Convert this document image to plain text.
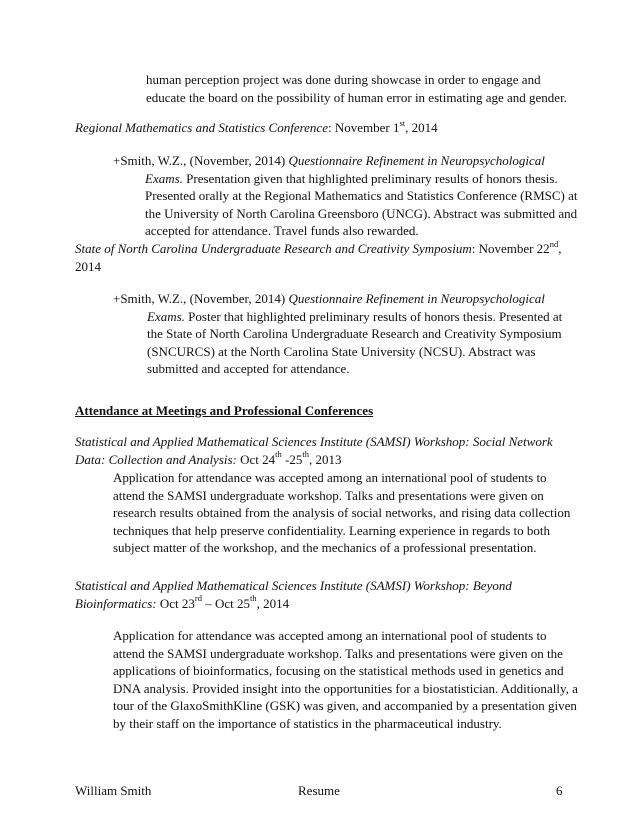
human perception project was done during showcase in order to engage and
educate the board on the possibility of human error in estimating age and gender.
Regional Mathematics and Statistics Conference: November 1st, 2014
+Smith, W.Z., (November, 2014) Questionnaire Refinement in Neuropsychological
Exams. Presentation given that highlighted preliminary results of honors thesis.
Presented orally at the Regional Mathematics and Statistics Conference (RMSC) at
the University of North Carolina Greensboro (UNCG). Abstract was submitted and
accepted for attendance. Travel funds also rewarded.
State of North Carolina Undergraduate Research and Creativity Symposium: November 22nd,
2014
+Smith, W.Z., (November, 2014) Questionnaire Refinement in Neuropsychological
Exams. Poster that highlighted preliminary results of honors thesis. Presented at
the State of North Carolina Undergraduate Research and Creativity Symposium
(SNCURCS) at the North Carolina State University (NCSU). Abstract was
submitted and accepted for attendance.
Attendance at Meetings and Professional Conferences
Statistical and Applied Mathematical Sciences Institute (SAMSI) Workshop: Social Network
Data: Collection and Analysis: Oct 24th -25th, 2013
Application for attendance was accepted among an international pool of students to
attend the SAMSI undergraduate workshop. Talks and presentations were given on
research results obtained from the analysis of social networks, and rising data collection
techniques that help preserve confidentiality. Learning experience in regards to both
subject matter of the workshop, and the mechanics of a professional presentation.
Statistical and Applied Mathematical Sciences Institute (SAMSI) Workshop: Beyond
Bioinformatics: Oct 23rd – Oct 25th, 2014
Application for attendance was accepted among an international pool of students to
attend the SAMSI undergraduate workshop. Talks and presentations were given on the
applications of bioinformatics, focusing on the statistical methods used in genetics and
DNA analysis. Provided insight into the opportunities for a biostatistician. Additionally, a
tour of the GlaxoSmithKline (GSK) was given, and accompanied by a presentation given
by their staff on the importance of statistics in the pharmaceutical industry.
William Smith	Resume	6
